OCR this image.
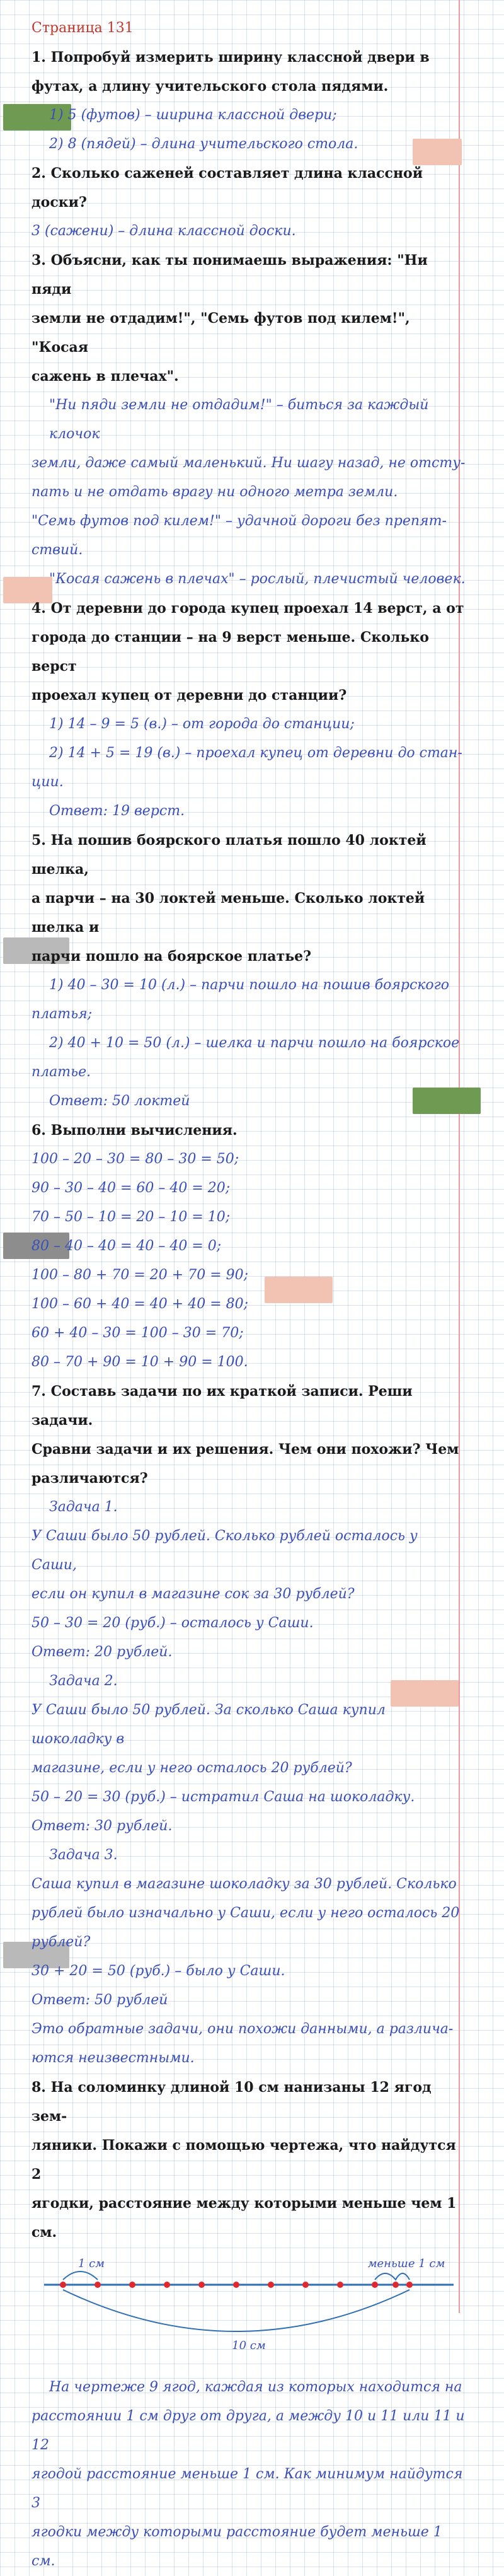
Страница 131
1. Попробуй измерить ширину классной двери в
футах, а длину учительского стола пядями.
1) 5 (футов) – ширина классной двери;
2) 8 (пядей) – длина учительского стола.
2. Сколько саженей составляет длина классной доски?
3 (сажени) – длина классной доски.
3. Объясни, как ты понимаешь выражения: "Ни пяди
земли не отдадим!", "Семь футов под килем!", "Косая
сажень в плечах".
"Ни пяди земли не отдадим!" – биться за каждый клочок
земли, даже самый маленький. Ни шагу назад, не отсту-
пать и не отдать врагу ни одного метра земли.
"Семь футов под килем!" – удачной дороги без препят-
ствий.
"Косая сажень в плечах" – рослый, плечистый человек.
4. От деревни до города купец проехал 14 верст, а от
города до станции – на 9 верст меньше. Сколько верст
проехал купец от деревни до станции?
1) 14 – 9 = 5 (в.) – от города до станции;
2) 14 + 5 = 19 (в.) – проехал купец от деревни до стан-
ции.
Ответ: 19 верст.
5. На пошив боярского платья пошло 40 локтей шелка,
а парчи – на 30 локтей меньше. Сколько локтей шелка и
парчи пошло на боярское платье?
1) 40 – 30 = 10 (л.) – парчи пошло на пошив боярского
платья;
2) 40 + 10 = 50 (л.) – шелка и парчи пошло на боярское
платье.
Ответ: 50 локтей
6. Выполни вычисления.
100 – 20 – 30 = 80 – 30 = 50;
90 – 30 – 40 = 60 – 40 = 20;
70 – 50 – 10 = 20 – 10 = 10;
80 – 40 – 40 = 40 – 40 = 0;
100 – 80 + 70 = 20 + 70 = 90;
100 – 60 + 40 = 40 + 40 = 80;
60 + 40 – 30 = 100 – 30 = 70;
80 – 70 + 90 = 10 + 90 = 100.
7. Составь задачи по их краткой записи. Реши
задачи.
Сравни задачи и их решения. Чем они похожи? Чем
различаются?
Задача 1.
У Саши было 50 рублей. Сколько рублей осталось у Саши,
если он купил в магазине сок за 30 рублей?
50 – 30 = 20 (руб.) – осталось у Саши.
Ответ: 20 рублей.
Задача 2.
У Саши было 50 рублей. За сколько Саша купил шоколадку в
магазине, если у него осталось 20 рублей?
50 – 20 = 30 (руб.) – истратил Саша на шоколадку.
Ответ: 30 рублей.
Задача 3.
Саша купил в магазине шоколадку за 30 рублей. Сколько
рублей было изначально у Саши, если у него осталось 20 рублей?
30 + 20 = 50 (руб.) – было у Саши.
Ответ: 50 рублей
Это обратные задачи, они похожи данными, а различа-
ются неизвестными.
8. На соломинку длиной 10 см нанизаны 12 ягод зем-
ляники. Покажи с помощью чертежа, что найдутся 2
ягодки, расстояние между которыми меньше чем 1 см.
1 см	меньше 1 см
10 см
На чертеже 9 ягод, каждая из которых находится на
расстоянии 1 см друг от друга, а между 10 и 11 или 11 и 12
ягодой расстояние меньше 1 см. Как минимум найдутся 3
ягодки между которыми расстояние будет меньше 1 см.
